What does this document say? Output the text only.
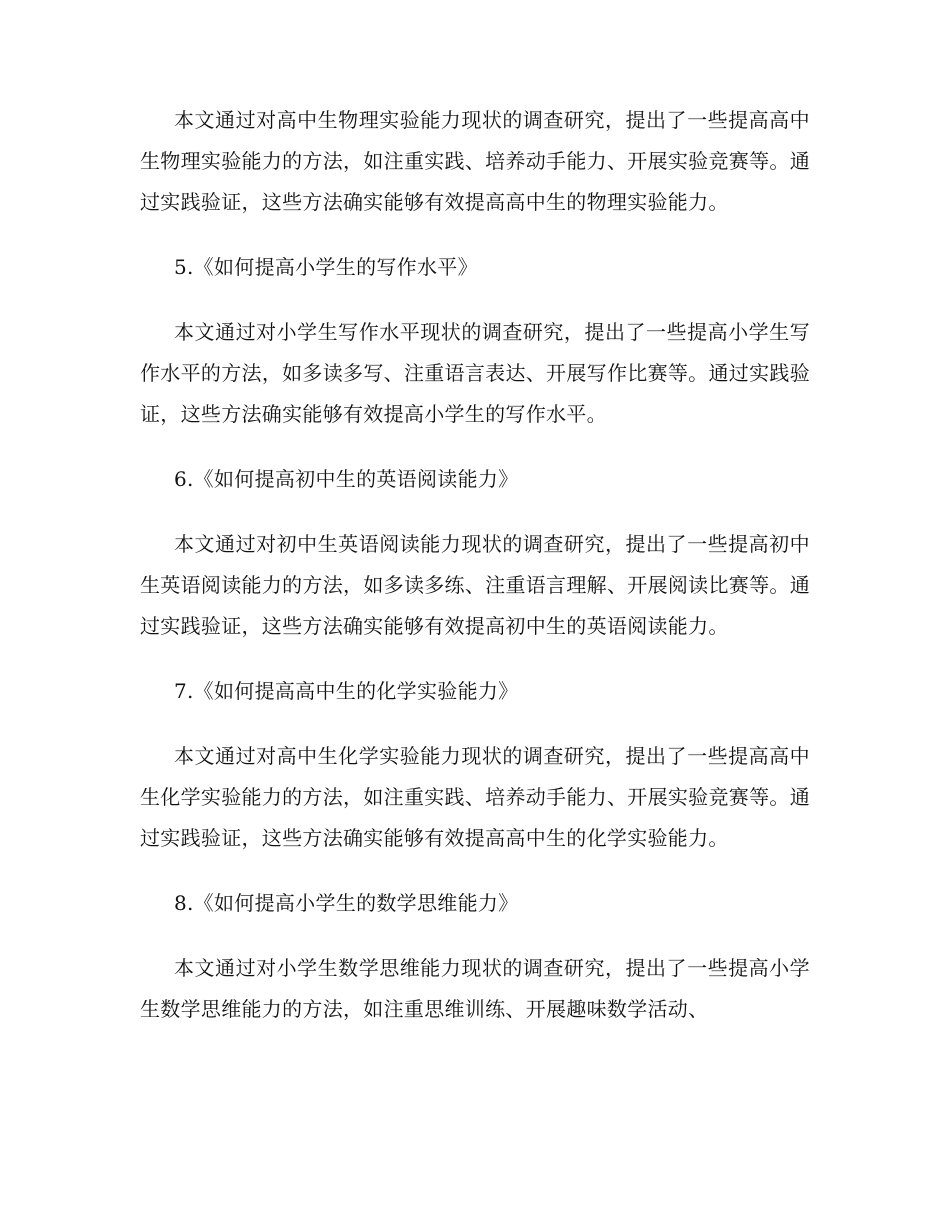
本文通过对高中生物理实验能力现状的调查研究，提出了一些提高高中生物理实验能力的方法，如注重实践、培养动手能力、开展实验竞赛等。通过实践验证，这些方法确实能够有效提高高中生的物理实验能力。

5.《如何提高小学生的写作水平》

本文通过对小学生写作水平现状的调查研究，提出了一些提高小学生写作水平的方法，如多读多写、注重语言表达、开展写作比赛等。通过实践验证，这些方法确实能够有效提高小学生的写作水平。

6.《如何提高初中生的英语阅读能力》

本文通过对初中生英语阅读能力现状的调查研究，提出了一些提高初中生英语阅读能力的方法，如多读多练、注重语言理解、开展阅读比赛等。通过实践验证，这些方法确实能够有效提高初中生的英语阅读能力。

7.《如何提高高中生的化学实验能力》

本文通过对高中生化学实验能力现状的调查研究，提出了一些提高高中生化学实验能力的方法，如注重实践、培养动手能力、开展实验竞赛等。通过实践验证，这些方法确实能够有效提高高中生的化学实验能力。

8.《如何提高小学生的数学思维能力》

本文通过对小学生数学思维能力现状的调查研究，提出了一些提高小学生数学思维能力的方法，如注重思维训练、开展趣味数学活动、
